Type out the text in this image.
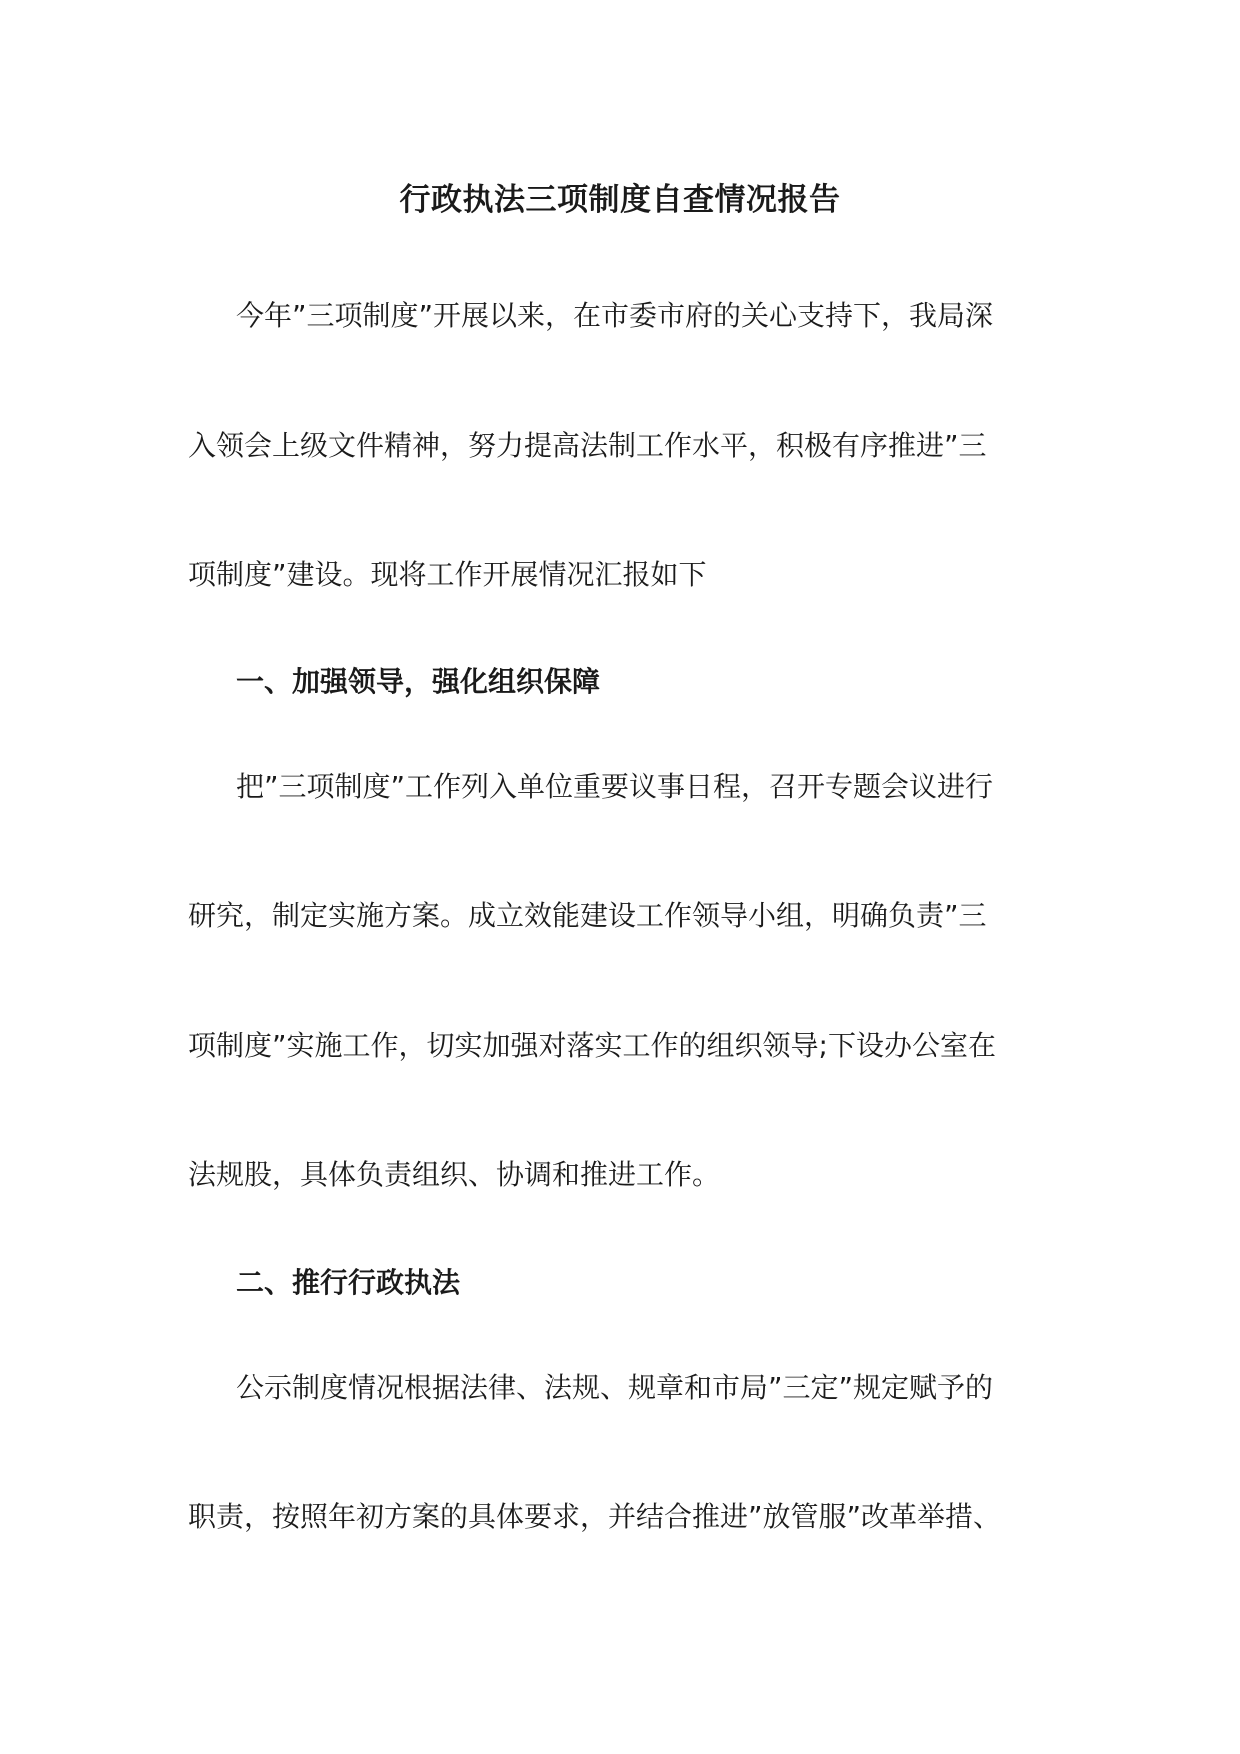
行政执法三项制度自查情况报告
今年”三项制度”开展以来，在市委市府的关心支持下，我局深
入领会上级文件精神，努力提高法制工作水平，积极有序推进”三
项制度”建设。现将工作开展情况汇报如下
一、加强领导，强化组织保障
把”三项制度”工作列入单位重要议事日程，召开专题会议进行
研究，制定实施方案。成立效能建设工作领导小组，明确负责”三
项制度”实施工作，切实加强对落实工作的组织领导;下设办公室在
法规股，具体负责组织、协调和推进工作。
二、推行行政执法
公示制度情况根据法律、法规、规章和市局”三定”规定赋予的
职责，按照年初方案的具体要求，并结合推进”放管服”改革举措、
